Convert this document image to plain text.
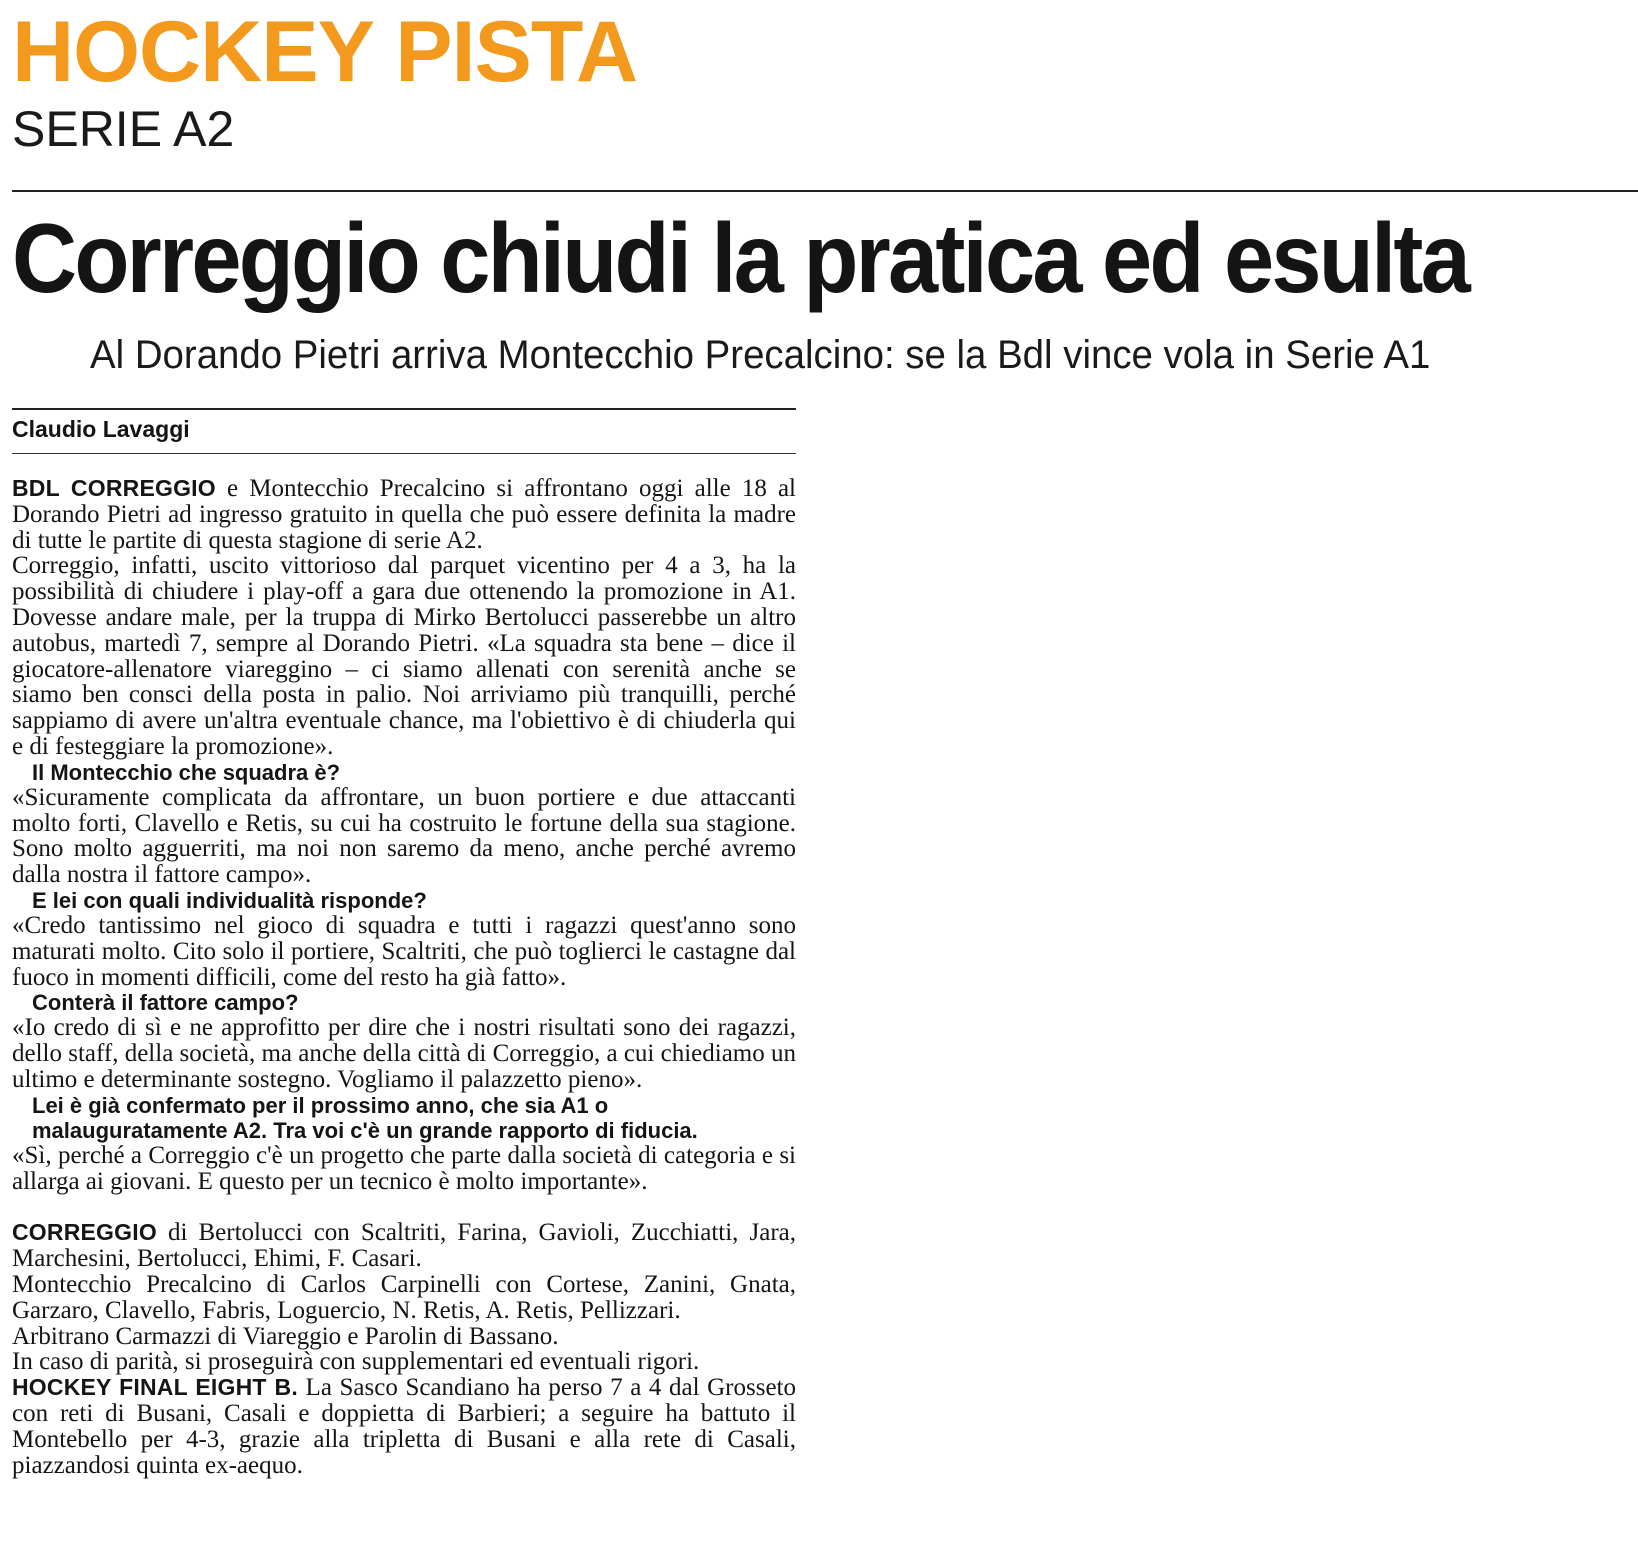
HOCKEY PISTA
SERIE A2
Correggio chiudi la pratica ed esulta
Al Dorando Pietri arriva Montecchio Precalcino: se la Bdl vince vola in Serie A1

Claudio Lavaggi

BDL CORREGGIO e Montecchio Precalcino si affrontano oggi alle 18 al Dorando Pietri ad ingresso gratuito in quella che può essere definita la madre di tutte le partite di questa stagione di serie A2.

Correggio, infatti, uscito vittorioso dal parquet vicentino per 4 a 3, ha la possibilità di chiudere i play-off a gara due ottenendo la promozione in A1. Dovesse andare male, per la truppa di Mirko Bertolucci passerebbe un altro autobus, martedì 7, sempre al Dorando Pietri. «La squadra sta bene – dice il giocatore-allenatore viareggino – ci siamo allenati con serenità anche se siamo ben consci della posta in palio. Noi arriviamo più tranquilli, perché sappiamo di avere un'altra eventuale chance, ma l'obiettivo è di chiuderla qui e di festeggiare la promozione».

Il Montecchio che squadra è?

«Sicuramente complicata da affrontare, un buon portiere e due attaccanti molto forti, Clavello e Retis, su cui ha costruito le fortune della sua stagione. Sono molto agguerriti, ma noi non saremo da meno, anche perché avremo dalla nostra il fattore campo».

E lei con quali individualità risponde?

«Credo tantissimo nel gioco di squadra e tutti i ragazzi quest'anno sono maturati molto. Cito solo il portiere, Scaltriti, che può toglierci le castagne dal fuoco in momenti difficili, come del resto ha già fatto».

Conterà il fattore campo?

«Io credo di sì e ne approfitto per dire che i nostri risultati sono dei ragazzi, dello staff, della società, ma anche della città di Correggio, a cui chiediamo un ultimo e determinante sostegno. Vogliamo il palazzetto pieno».

Lei è già confermato per il prossimo anno, che sia A1 o malauguratamente A2. Tra voi c'è un grande rapporto di fiducia.

«Sì, perché a Correggio c'è un progetto che parte dalla società di categoria e si allarga ai giovani. E questo per un tecnico è molto importante».

CORREGGIO di Bertolucci con Scaltriti, Farina, Gavioli, Zucchiatti, Jara, Marchesini, Bertolucci, Ehimi, F. Casari.

Montecchio Precalcino di Carlos Carpinelli con Cortese, Zanini, Gnata, Garzaro, Clavello, Fabris, Loguercio, N. Retis, A. Retis, Pellizzari.

Arbitrano Carmazzi di Viareggio e Parolin di Bassano.

In caso di parità, si proseguirà con supplementari ed eventuali rigori.

HOCKEY FINAL EIGHT B. La Sasco Scandiano ha perso 7 a 4 dal Grosseto con reti di Busani, Casali e doppietta di Barbieri; a seguire ha battuto il Montebello per 4-3, grazie alla tripletta di Busani e alla rete di Casali, piazzandosi quinta ex-aequo.
